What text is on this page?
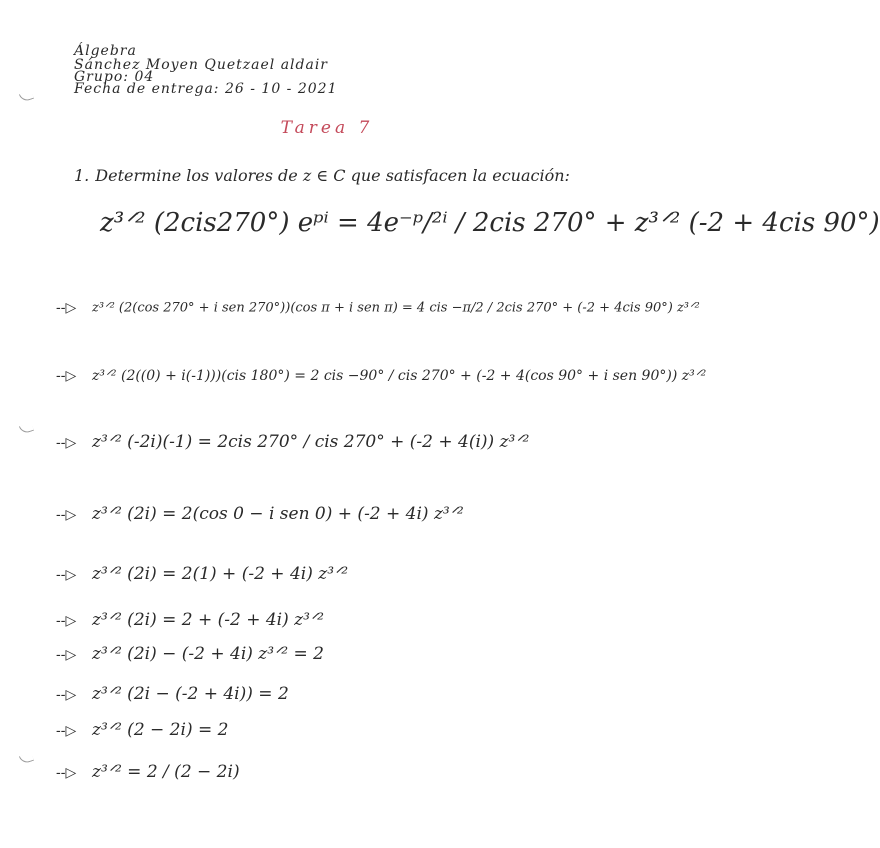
Álgebra
Sánchez Moyen Quetzael aldair
Grupo: 04
Fecha de entrega: 26 - 10 - 2021
Tarea 7
1. Determine los valores de z ∈ C que satisfacen la ecuación:
z³ᐟ² (2cis270°) eᵖⁱ = 4e⁻ᵖ/²ⁱ / 2cis 270° + z³ᐟ² (-2 + 4cis 90°)
--▷ z³ᐟ² (2(cos 270° + i sen 270°))(cos π + i sen π) = 4 cis −π/2 / 2cis 270° + (-2 + 4cis 90°) z³ᐟ²
--▷ z³ᐟ² (2((0) + i(-1)))(cis 180°) = 2 cis −90° / cis 270° + (-2 + 4(cos 90° + i sen 90°)) z³ᐟ²
--▷ z³ᐟ² (-2i)(-1) = 2cis 270° / cis 270° + (-2 + 4(i)) z³ᐟ²
--▷ z³ᐟ² (2i) = 2(cos 0 − i sen 0) + (-2 + 4i) z³ᐟ²
--▷ z³ᐟ² (2i) = 2(1) + (-2 + 4i) z³ᐟ²
--▷ z³ᐟ² (2i) = 2 + (-2 + 4i) z³ᐟ²
--▷ z³ᐟ² (2i) − (-2 + 4i) z³ᐟ² = 2
--▷ z³ᐟ² (2i − (-2 + 4i)) = 2
--▷ z³ᐟ² (2 − 2i) = 2
--▷ z³ᐟ² = 2 / (2 − 2i)
